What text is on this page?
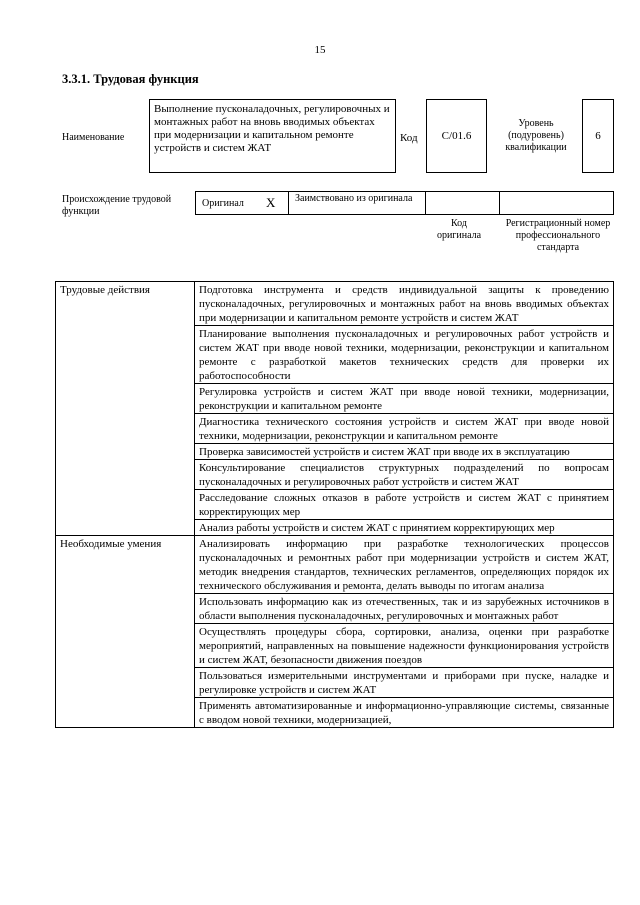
15
3.3.1. Трудовая функция
Наименование
Выполнение пусконаладочных, регулировочных и монтажных работ на вновь вводимых объектах при модернизации и капитальном ремонте устройств и систем ЖАТ
Код C/01.6
Уровень (подуровень) квалификации
6
Происхождение трудовой функции
Оригинал X Заимствовано из оригинала
Код оригинала
Регистрационный номер профессионального стандарта
Трудовые действия	Подготовка инструмента и средств индивидуальной защиты к проведению пусконаладочных, регулировочных и монтажных работ на вновь вводимых объектах при модернизации и капитальном ремонте устройств и систем ЖАТ
	Планирование выполнения пусконаладочных и регулировочных работ устройств и систем ЖАТ при вводе новой техники, модернизации, реконструкции и капитальном ремонте с разработкой макетов технических средств для проверки их работоспособности
	Регулировка устройств и систем ЖАТ при вводе новой техники, модернизации, реконструкции и капитальном ремонте
	Диагностика технического состояния устройств и систем ЖАТ при вводе новой техники, модернизации, реконструкции и капитальном ремонте
	Проверка зависимостей устройств и систем ЖАТ при вводе их в эксплуатацию
	Консультирование специалистов структурных подразделений по вопросам пусконаладочных и регулировочных работ устройств и систем ЖАТ
	Расследование сложных отказов в работе устройств и систем ЖАТ с принятием корректирующих мер
	Анализ работы устройств и систем ЖАТ с принятием корректирующих мер
Необходимые умения	Анализировать информацию при разработке технологических процессов пусконаладочных и ремонтных работ при модернизации устройств и систем ЖАТ, методик внедрения стандартов, технических регламентов, определяющих порядок их технического обслуживания и ремонта, делать выводы по итогам анализа
	Использовать информацию как из отечественных, так и из зарубежных источников в области выполнения пусконаладочных, регулировочных и монтажных работ
	Осуществлять процедуры сбора, сортировки, анализа, оценки при разработке мероприятий, направленных на повышение надежности функционирования устройств и систем ЖАТ, безопасности движения поездов
	Пользоваться измерительными инструментами и приборами при пуске, наладке и регулировке устройств и систем ЖАТ
	Применять автоматизированные и информационно-управляющие системы, связанные с вводом новой техники, модернизацией,
